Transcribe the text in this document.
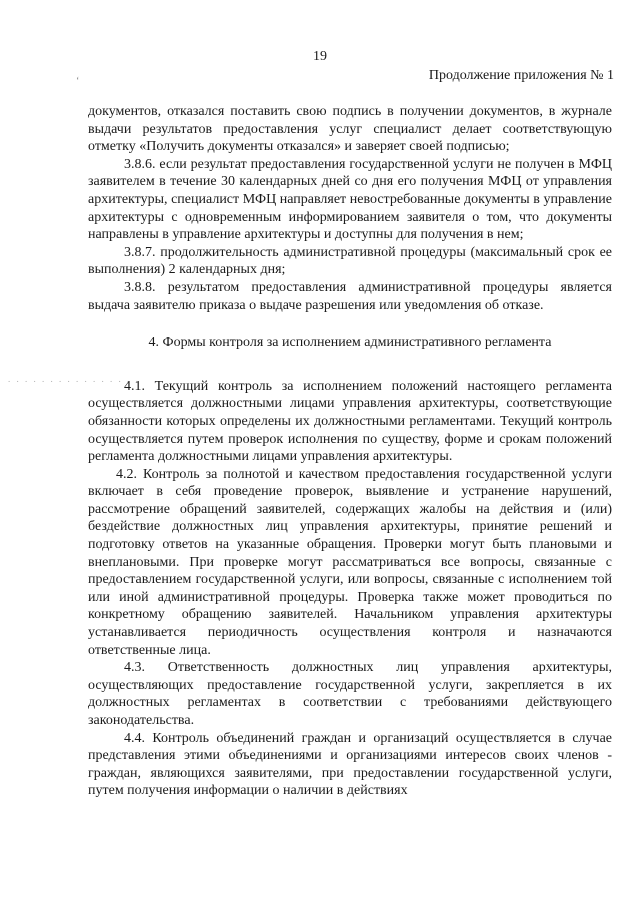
19
Продолжение приложения № 1
‘
. . . . . . . . . . . . . . . .

документов, отказался поставить свою подпись в получении документов, в журнале выдачи результатов предоставления услуг специалист делает соответствующую отметку «Получить документы отказался» и заверяет своей подписью;

3.8.6. если результат предоставления государственной услуги не получен в МФЦ заявителем в течение 30 календарных дней со дня его получения МФЦ от управления архитектуры, специалист МФЦ направляет невостребованные документы в управление архитектуры с одновременным информированием заявителя о том, что документы направлены в управление архитектуры и доступны для получения в нем;

3.8.7. продолжительность административной процедуры (максимальный срок ее выполнения) 2 календарных дня;

3.8.8. результатом предоставления административной процедуры является выдача заявителю приказа о выдаче разрешения или уведомления об отказе.

4. Формы контроля за исполнением административного регламента

4.1. Текущий контроль за исполнением положений настоящего регламента осуществляется должностными лицами управления архитектуры, соответствующие обязанности которых определены их должностными регламентами. Текущий контроль осуществляется путем проверок исполнения по существу, форме и срокам положений регламента должностными лицами управления архитектуры.

4.2. Контроль за полнотой и качеством предоставления государственной услуги включает в себя проведение проверок, выявление и устранение нарушений, рассмотрение обращений заявителей, содержащих жалобы на действия и (или) бездействие должностных лиц управления архитектуры, принятие решений и подготовку ответов на указанные обращения. Проверки могут быть плановыми и внеплановыми. При проверке могут рассматриваться все вопросы, связанные с предоставлением государственной услуги, или вопросы, связанные с исполнением той или иной административной процедуры. Проверка также может проводиться по конкретному обращению заявителей. Начальником управления архитектуры устанавливается периодичность осуществления контроля и назначаются ответственные лица.

4.3. Ответственность должностных лиц управления архитектуры, осуществляющих предоставление государственной услуги, закрепляется в их должностных регламентах в соответствии с требованиями действующего законодательства.

4.4. Контроль объединений граждан и организаций осуществляется в случае представления этими объединениями и организациями интересов своих членов - граждан, являющихся заявителями, при предоставлении государственной услуги, путем получения информации о наличии в действиях
